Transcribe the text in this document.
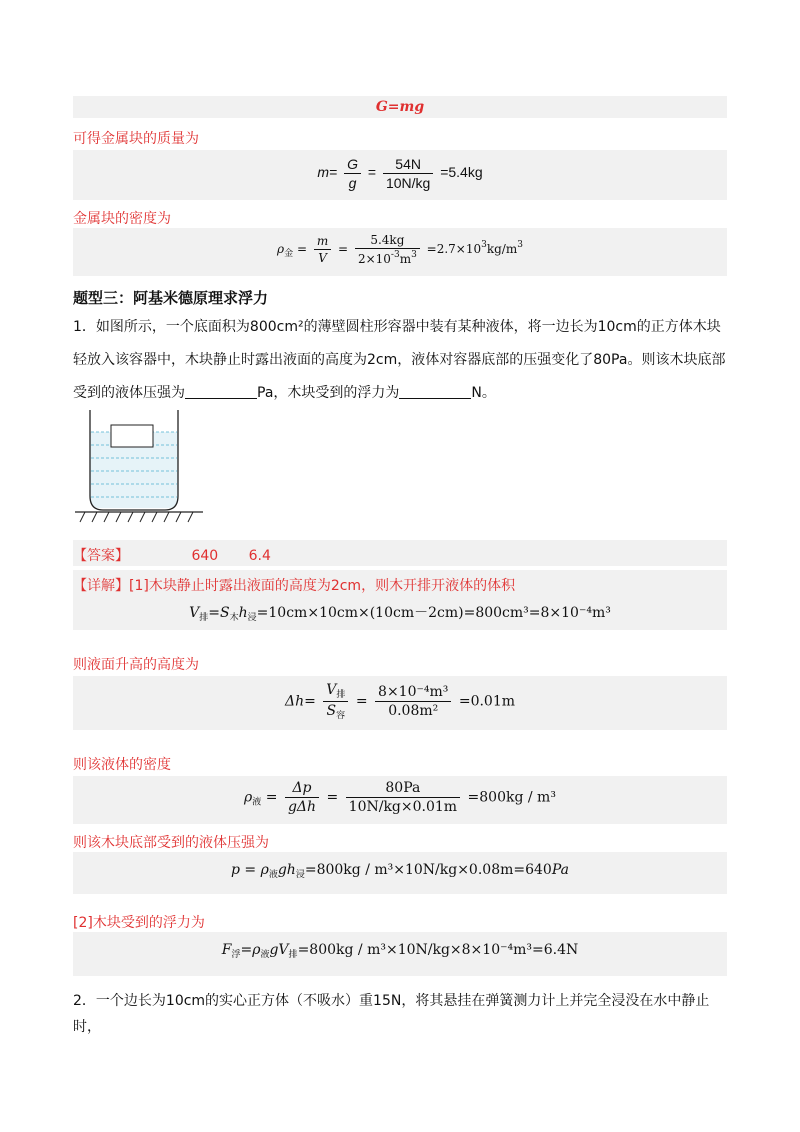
G=mg
可得金属块的质量为
$m= \frac{G}{g} = \frac{54N}{10N/kg} =5.4kg$
金属块的密度为
$\rho_金 = \frac{m}{V} = \frac{5.4kg}{2\times 10^{-3}m^3} =2.7\times 10^3kg/m^3$
题型三：阿基米德原理求浮力
1．如图所示，一个底面积为800cm²的薄壁圆柱形容器中装有某种液体，将一边长为10cm的正方体木块
轻放入该容器中，木块静止时露出液面的高度为2cm，液体对容器底部的压强变化了80Pa。则该木块底部
受到的液体压强为	Pa，木块受到的浮力为	N。
【答案】	640 6.4
【详解】[1]木块静止时露出液面的高度为2cm，则木开排开液体的体积
$V_排=S_木h_浸=10cm\times 10cm\times(10cm-2cm)=800cm^3=8\times 10^{-4}m^3$
则液面升高的高度为
$\Delta h= \frac{V_排}{S_容} = \frac{\text{8×10⁻⁴m³}}{\text{0.08m²}} =0.01m$
则该液体的密度
$\rho_液 = \frac{\Delta p}{\text{gΔh}} = \frac{80Pa}{10N/kg\times 0.01m} =800kg / m^3$
则该木块底部受到的液体压强为
$p = \rho_液gh_浸=800kg / m^3\times 10N/kg\times 0.08m=640Pa$
[2]木块受到的浮力为
$F_浮=\rho_液gV_排=800kg / m^3\times 10N/kg\times 8\times 10^{-4}m^3=6.4N$
2．一个边长为10cm的实心正方体（不吸水）重15N，将其悬挂在弹簧测力计上并完全浸没在水中静止时，
